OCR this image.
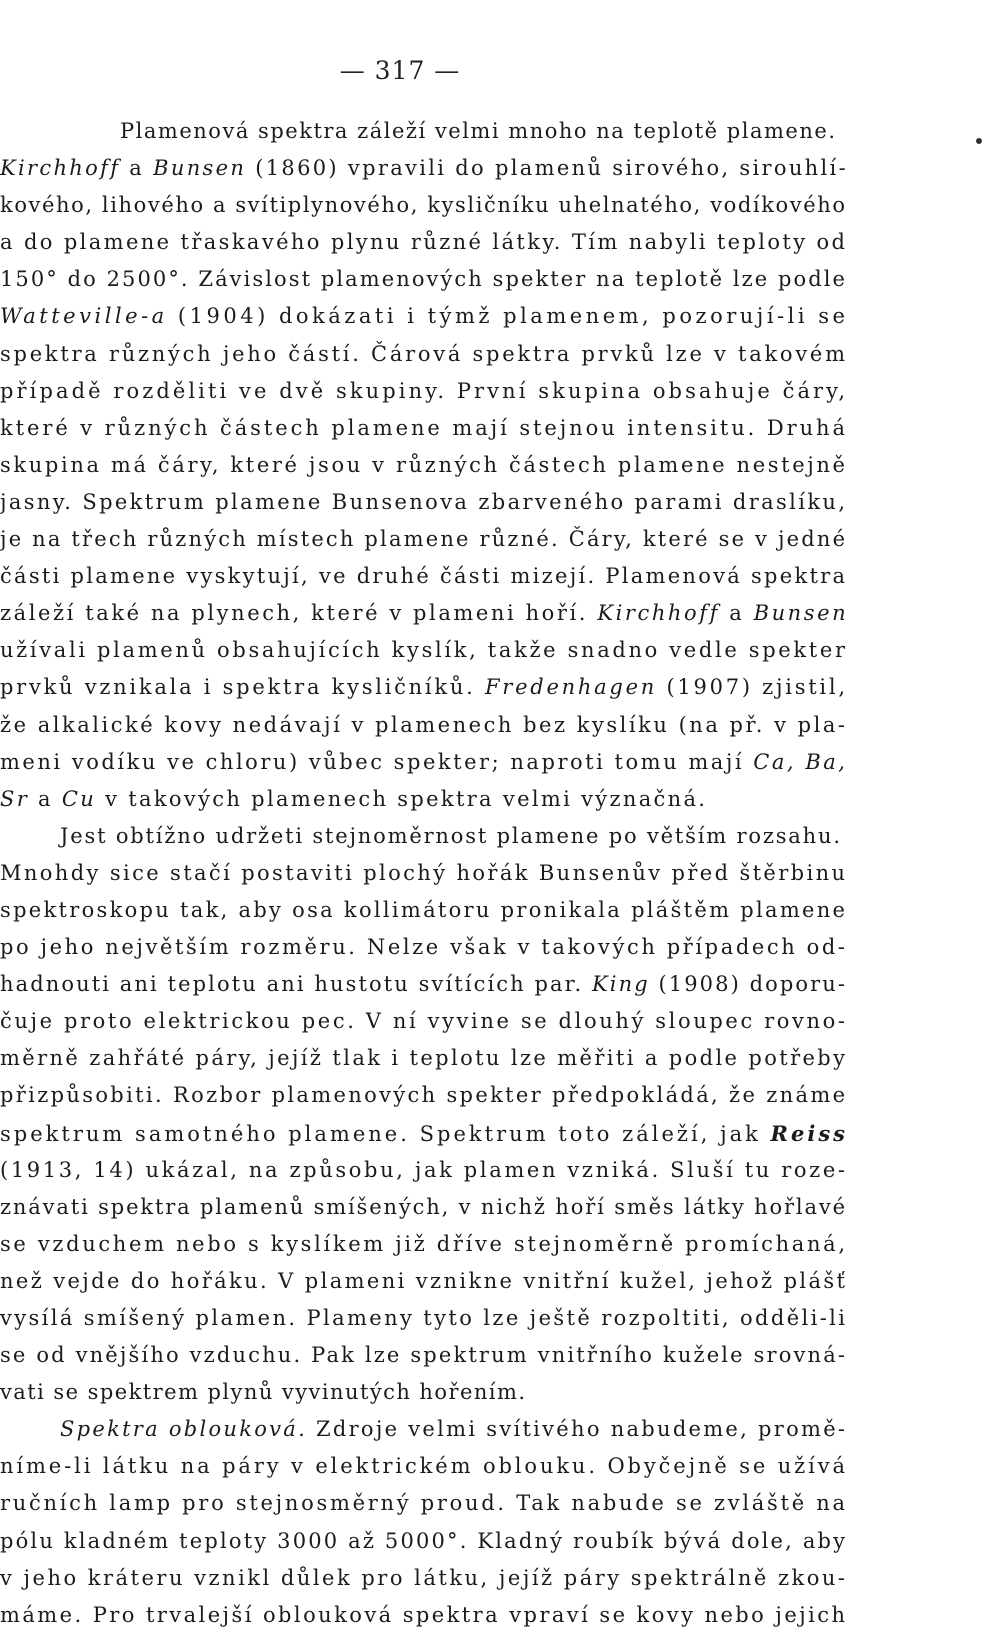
— 317 —
Plamenová spektra záleží velmi mnoho na teplotě plamene.
Kirchhoff a Bunsen (1860) vpravili do plamenů sirového, sirouhlí-
kového, lihového a svítiplynového, kysličníku uhelnatého, vodíkového
a do plamene třaskavého plynu různé látky. Tím nabyli teploty od
150° do 2500°. Závislost plamenových spekter na teplotě lze podle
Watteville-a (1904) dokázati i týmž plamenem, pozorují-li se
spektra různých jeho částí. Čárová spektra prvků lze v takovém
případě rozděliti ve dvě skupiny. První skupina obsahuje čáry,
které v různých částech plamene mají stejnou intensitu. Druhá
skupina má čáry, které jsou v různých částech plamene nestejně
jasny. Spektrum plamene Bunsenova zbarveného parami draslíku,
je na třech různých místech plamene různé. Čáry, které se v jedné
části plamene vyskytují, ve druhé části mizejí. Plamenová spektra
záleží také na plynech, které v plameni hoří. Kirchhoff a Bunsen
užívali plamenů obsahujících kyslík, takže snadno vedle spekter
prvků vznikala i spektra kysličníků. Fredenhagen (1907) zjistil,
že alkalické kovy nedávají v plamenech bez kyslíku (na př. v pla-
meni vodíku ve chloru) vůbec spekter; naproti tomu mají Ca, Ba,
Sr a Cu v takových plamenech spektra velmi význačná.
Jest obtížno udržeti stejnoměrnost plamene po větším rozsahu.
Mnohdy sice stačí postaviti plochý hořák Bunsenův před štěrbinu
spektroskopu tak, aby osa kollimátoru pronikala pláštěm plamene
po jeho největším rozměru. Nelze však v takových případech od-
hadnouti ani teplotu ani hustotu svítících par. King (1908) doporu-
čuje proto elektrickou pec. V ní vyvine se dlouhý sloupec rovno-
měrně zahřáté páry, jejíž tlak i teplotu lze měřiti a podle potřeby
přizpůsobiti. Rozbor plamenových spekter předpokládá, že známe
spektrum samotného plamene. Spektrum toto záleží, jak Reiss
(1913, 14) ukázal, na způsobu, jak plamen vzniká. Sluší tu roze-
znávati spektra plamenů smíšených, v nichž hoří směs látky hořlavé
se vzduchem nebo s kyslíkem již dříve stejnoměrně promíchaná,
než vejde do hořáku. V plameni vznikne vnitřní kužel, jehož plášť
vysílá smíšený plamen. Plameny tyto lze ještě rozpoltiti, odděli-li
se od vnějšího vzduchu. Pak lze spektrum vnitřního kužele srovná-
vati se spektrem plynů vyvinutých hořením.
Spektra oblouková. Zdroje velmi svítivého nabudeme, promě-
níme-li látku na páry v elektrickém oblouku. Obyčejně se užívá
ručních lamp pro stejnosměrný proud. Tak nabude se zvláště na
pólu kladném teploty 3000 až 5000°. Kladný roubík bývá dole, aby
v jeho kráteru vznikl důlek pro látku, jejíž páry spektrálně zkou-
máme. Pro trvalejší oblouková spektra vpraví se kovy nebo jejich
